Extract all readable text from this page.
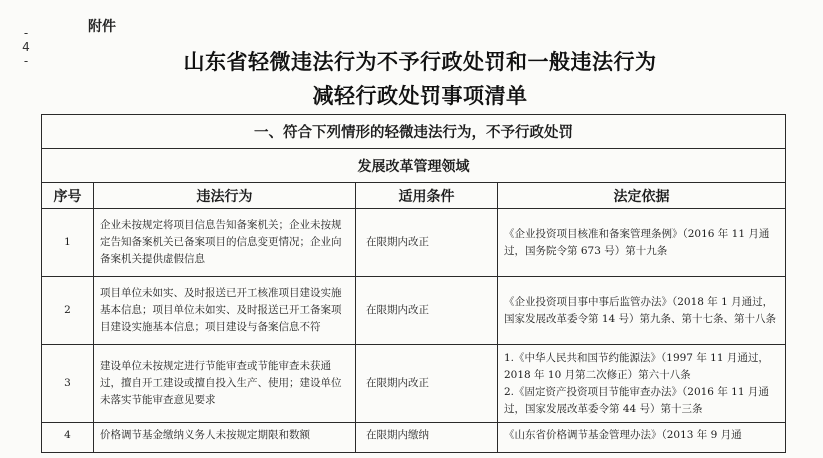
-
4
-
附件
山东省轻微违法行为不予行政处罚和一般违法行为
减轻行政处罚事项清单
一、符合下列情形的轻微违法行为，不予行政处罚			
发展改革管理领域			
序号	违法行为	适用条件	法定依据
1	企业未按规定将项目信息告知备案机关；企业未按规定告知备案机关已备案项目的信息变更情况；企业向备案机关提供虚假信息	在限期内改正	《企业投资项目核准和备案管理条例》（2016 年 11 月通过，国务院令第 673 号）第十九条

2	项目单位未如实、及时报送已开工核准项目建设实施基本信息；项目单位未如实、及时报送已开工备案项目建设实施基本信息；项目建设与备案信息不符	在限期内改正	《企业投资项目事中事后监管办法》（2018 年 1 月通过，国家发展改革委令第 14 号）第九条、第十七条、第十八条

3	建设单位未按规定进行节能审查或节能审查未获通过，擅自开工建设或擅自投入生产、使用；建设单位未落实节能审查意见要求	在限期内改正	1.《中华人民共和国节约能源法》（1997 年 11 月通过，2018 年 10 月第二次修正）第六十八条
2.《固定资产投资项目节能审查办法》（2016 年 11 月通过，国家发展改革委令第 44 号）第十三条

4	价格调节基金缴纳义务人未按规定期限和数额	在限期内缴纳	《山东省价格调节基金管理办法》（2013 年 9 月通
